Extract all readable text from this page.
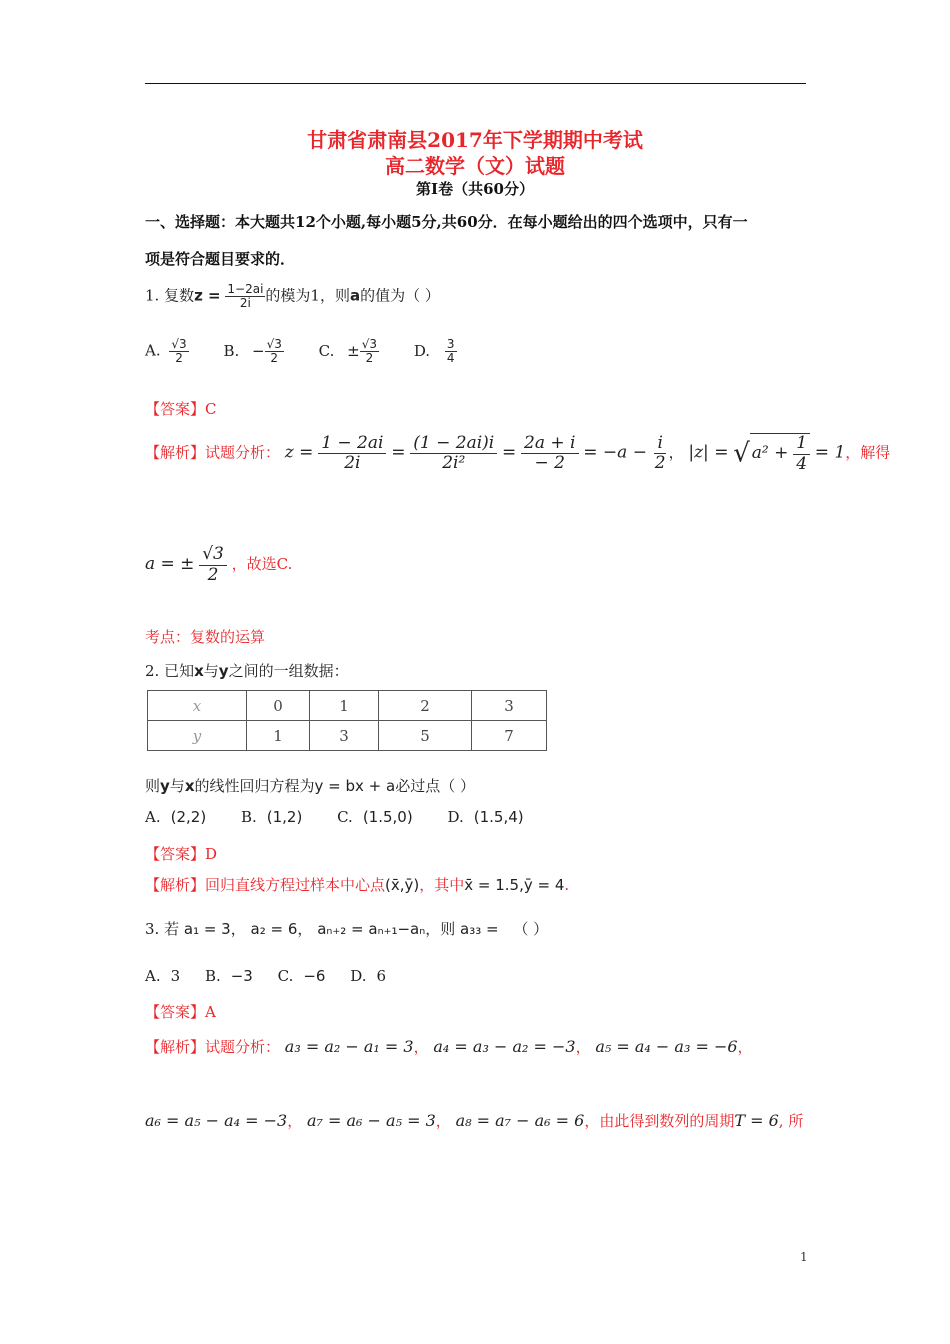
甘肃省肃南县2017年下学期期中考试
高二数学（文）试题
第Ⅰ卷（共60分）
一、选择题：本大题共12个小题,每小题5分,共60分．在每小题给出的四个选项中，只有一
项是符合题目要求的．
1. 复数$z = \frac{1-2ai}{2i}$ 的模为1，则a的值为（ ）
A. $\frac{√3}{2} B$. − $\frac{√3}{2} C$. ± $\frac{√3}{2} D$. $\frac{3}{4}$
【答案】C
【解析】试题分析： $z = \frac{1 - 2ai}{2i} = \frac{(1 - 2ai)i}{\text{2i²}} = \frac{2a + i}{- 2} = -a - \frac{i}{2}$ ， |z| = √ $a^2 + \frac{1}{4} = 1$，解得
a = ± $\frac{√3}{2}$ ，故选C.
考点：复数的运算
2. 已知x与y之间的一组数据：
x	0	1	2	3
y	1	3	5	7
则y与x的线性回归方程为y = bx + a必过点（ ）
A. (2,2) B. (1,2) C. (1.5,0) D. (1.5,4)
【答案】D
【解析】回归直线方程过样本中心点(x̄,ȳ)，其中x̄ = 1.5,ȳ = 4.
3. 若 a₁ = 3， a₂ = 6， aₙ₊₂ = aₙ₊₁−aₙ，则 a₃₃ = （ ）
A. 3 B. −3 C. −6 D. 6
【答案】A
【解析】试题分析： a₃ = a₂ − a₁ = 3， a₄ = a₃ − a₂ = −3， a₅ = a₄ − a₃ = −6，
a₆ = a₅ − a₄ = −3， a₇ = a₆ − a₅ = 3， a₈ = a₇ − a₆ = 6，由此得到数列的周期T = 6, 所
1
